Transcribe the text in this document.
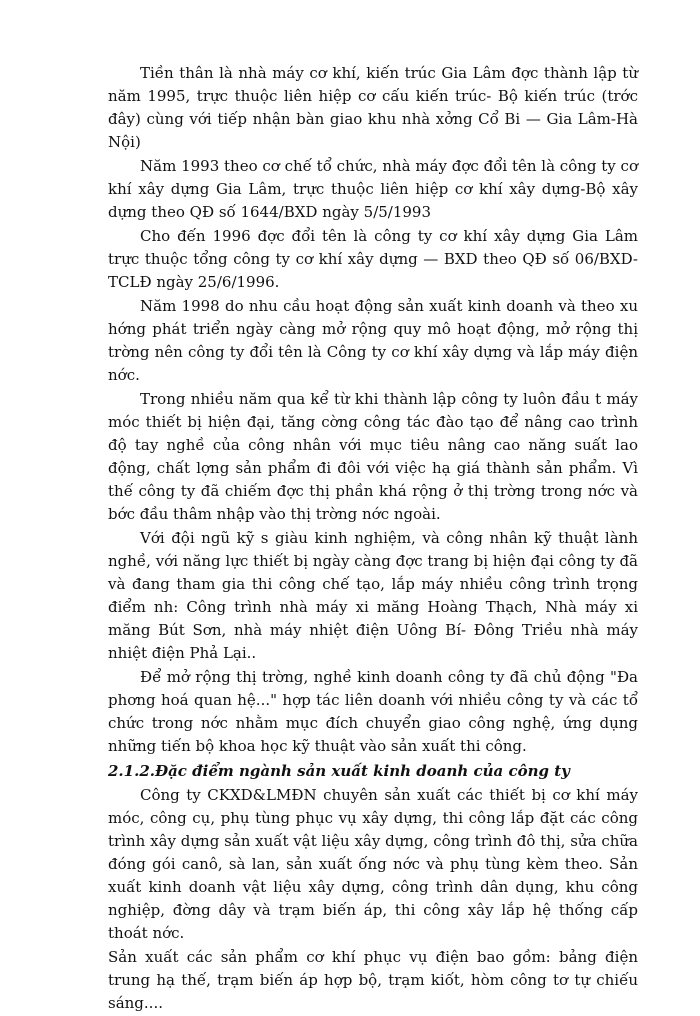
Tiền thân là nhà máy cơ khí, kiến trúc Gia Lâm đợc thành lập từ năm 1995, trực thuộc liên hiệp cơ cấu kiến trúc- Bộ kiến trúc (trớc đây) cùng với tiếp nhận bàn giao khu nhà xởng Cổ Bi — Gia Lâm-Hà Nội)

Năm 1993 theo cơ chế tổ chức, nhà máy đợc đổi tên là công ty cơ khí xây dựng Gia Lâm, trực thuộc liên hiệp cơ khí xây dựng-Bộ xây dựng theo QĐ số 1644/BXD ngày 5/5/1993

Cho đến 1996 đợc đổi tên là công ty cơ khí xây dựng Gia Lâm trực thuộc tổng công ty cơ khí xây dựng — BXD theo QĐ số 06/BXD-TCLĐ ngày 25/6/1996.

Năm 1998 do nhu cầu hoạt động sản xuất kinh doanh và theo xu hớng phát triển ngày càng mở rộng quy mô hoạt động, mở rộng thị trờng nên công ty đổi tên là Công ty cơ khí xây dựng và lắp máy điện nớc.

Trong nhiều năm qua kể từ khi thành lập công ty luôn đầu t máy móc thiết bị hiện đại, tăng cờng công tác đào tạo để nâng cao trình độ tay nghề của công nhân với mục tiêu nâng cao năng suất lao động, chất lợng sản phẩm đi đôi với việc hạ giá thành sản phẩm. Vì thế công ty đã chiếm đợc thị phần khá rộng ở thị trờng trong nớc và bớc đầu thâm nhập vào thị trờng nớc ngoài.

Với đội ngũ kỹ s giàu kinh nghiệm, và công nhân kỹ thuật lành nghề, với năng lực thiết bị ngày càng đợc trang bị hiện đại công ty đã và đang tham gia thi công chế tạo, lắp máy nhiều công trình trọng điểm nh: Công trình nhà máy xi măng Hoàng Thạch, Nhà máy xi măng Bút Sơn, nhà máy nhiệt điện Uông Bí- Đông Triều nhà máy nhiệt điện Phả Lại..

Để mở rộng thị trờng, nghề kinh doanh công ty đã chủ động "Đa phơng hoá quan hệ..." hợp tác liên doanh với nhiều công ty và các tổ chức trong nớc nhằm mục đích chuyển giao công nghệ, ứng dụng những tiến bộ khoa học kỹ thuật vào sản xuất thi công.

2.1.2.Đặc điểm ngành sản xuất kinh doanh của công ty

Công ty CKXD&LMĐN chuyên sản xuất các thiết bị cơ khí máy móc, công cụ, phụ tùng phục vụ xây dựng, thi công lắp đặt các công trình xây dựng sản xuất vật liệu xây dựng, công trình đô thị, sửa chữa đóng gói canô, sà lan, sản xuất ống nớc và phụ tùng kèm theo. Sản xuất kinh doanh vật liệu xây dựng, công trình dân dụng, khu công nghiệp, đờng dây và trạm biến áp, thi công xây lắp hệ thống cấp thoát nớc.

Sản xuất các sản phẩm cơ khí phục vụ điện bao gồm: bảng điện trung hạ thế, trạm biến áp hợp bộ, trạm kiốt, hòm công tơ tự chiếu sáng....
